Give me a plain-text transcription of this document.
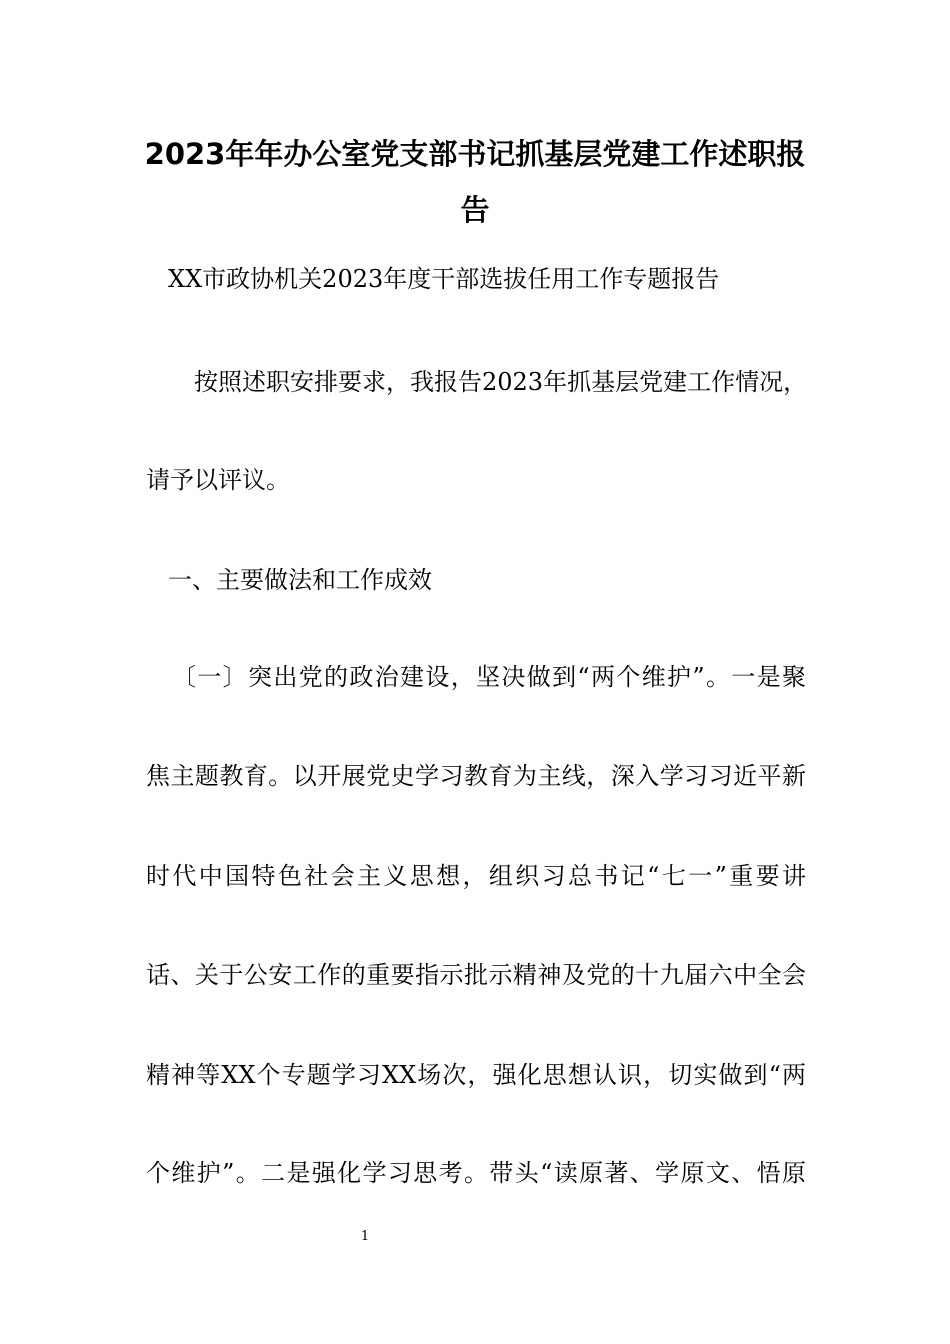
2023年年办公室党支部书记抓基层党建工作述职报
告
XX市政协机关2023年度干部选拔任用工作专题报告
按照述职安排要求，我报告2023年抓基层党建工作情况，
请予以评议。
一、主要做法和工作成效
〔一〕突出党的政治建设，坚决做到“两个维护”。一是聚
焦主题教育。以开展党史学习教育为主线，深入学习习近平新
时代中国特色社会主义思想，组织习总书记“七一”重要讲
话、关于公安工作的重要指示批示精神及党的十九届六中全会
精神等XX个专题学习XX场次，强化思想认识，切实做到“两
个维护”。二是强化学习思考。带头“读原著、学原文、悟原
1
